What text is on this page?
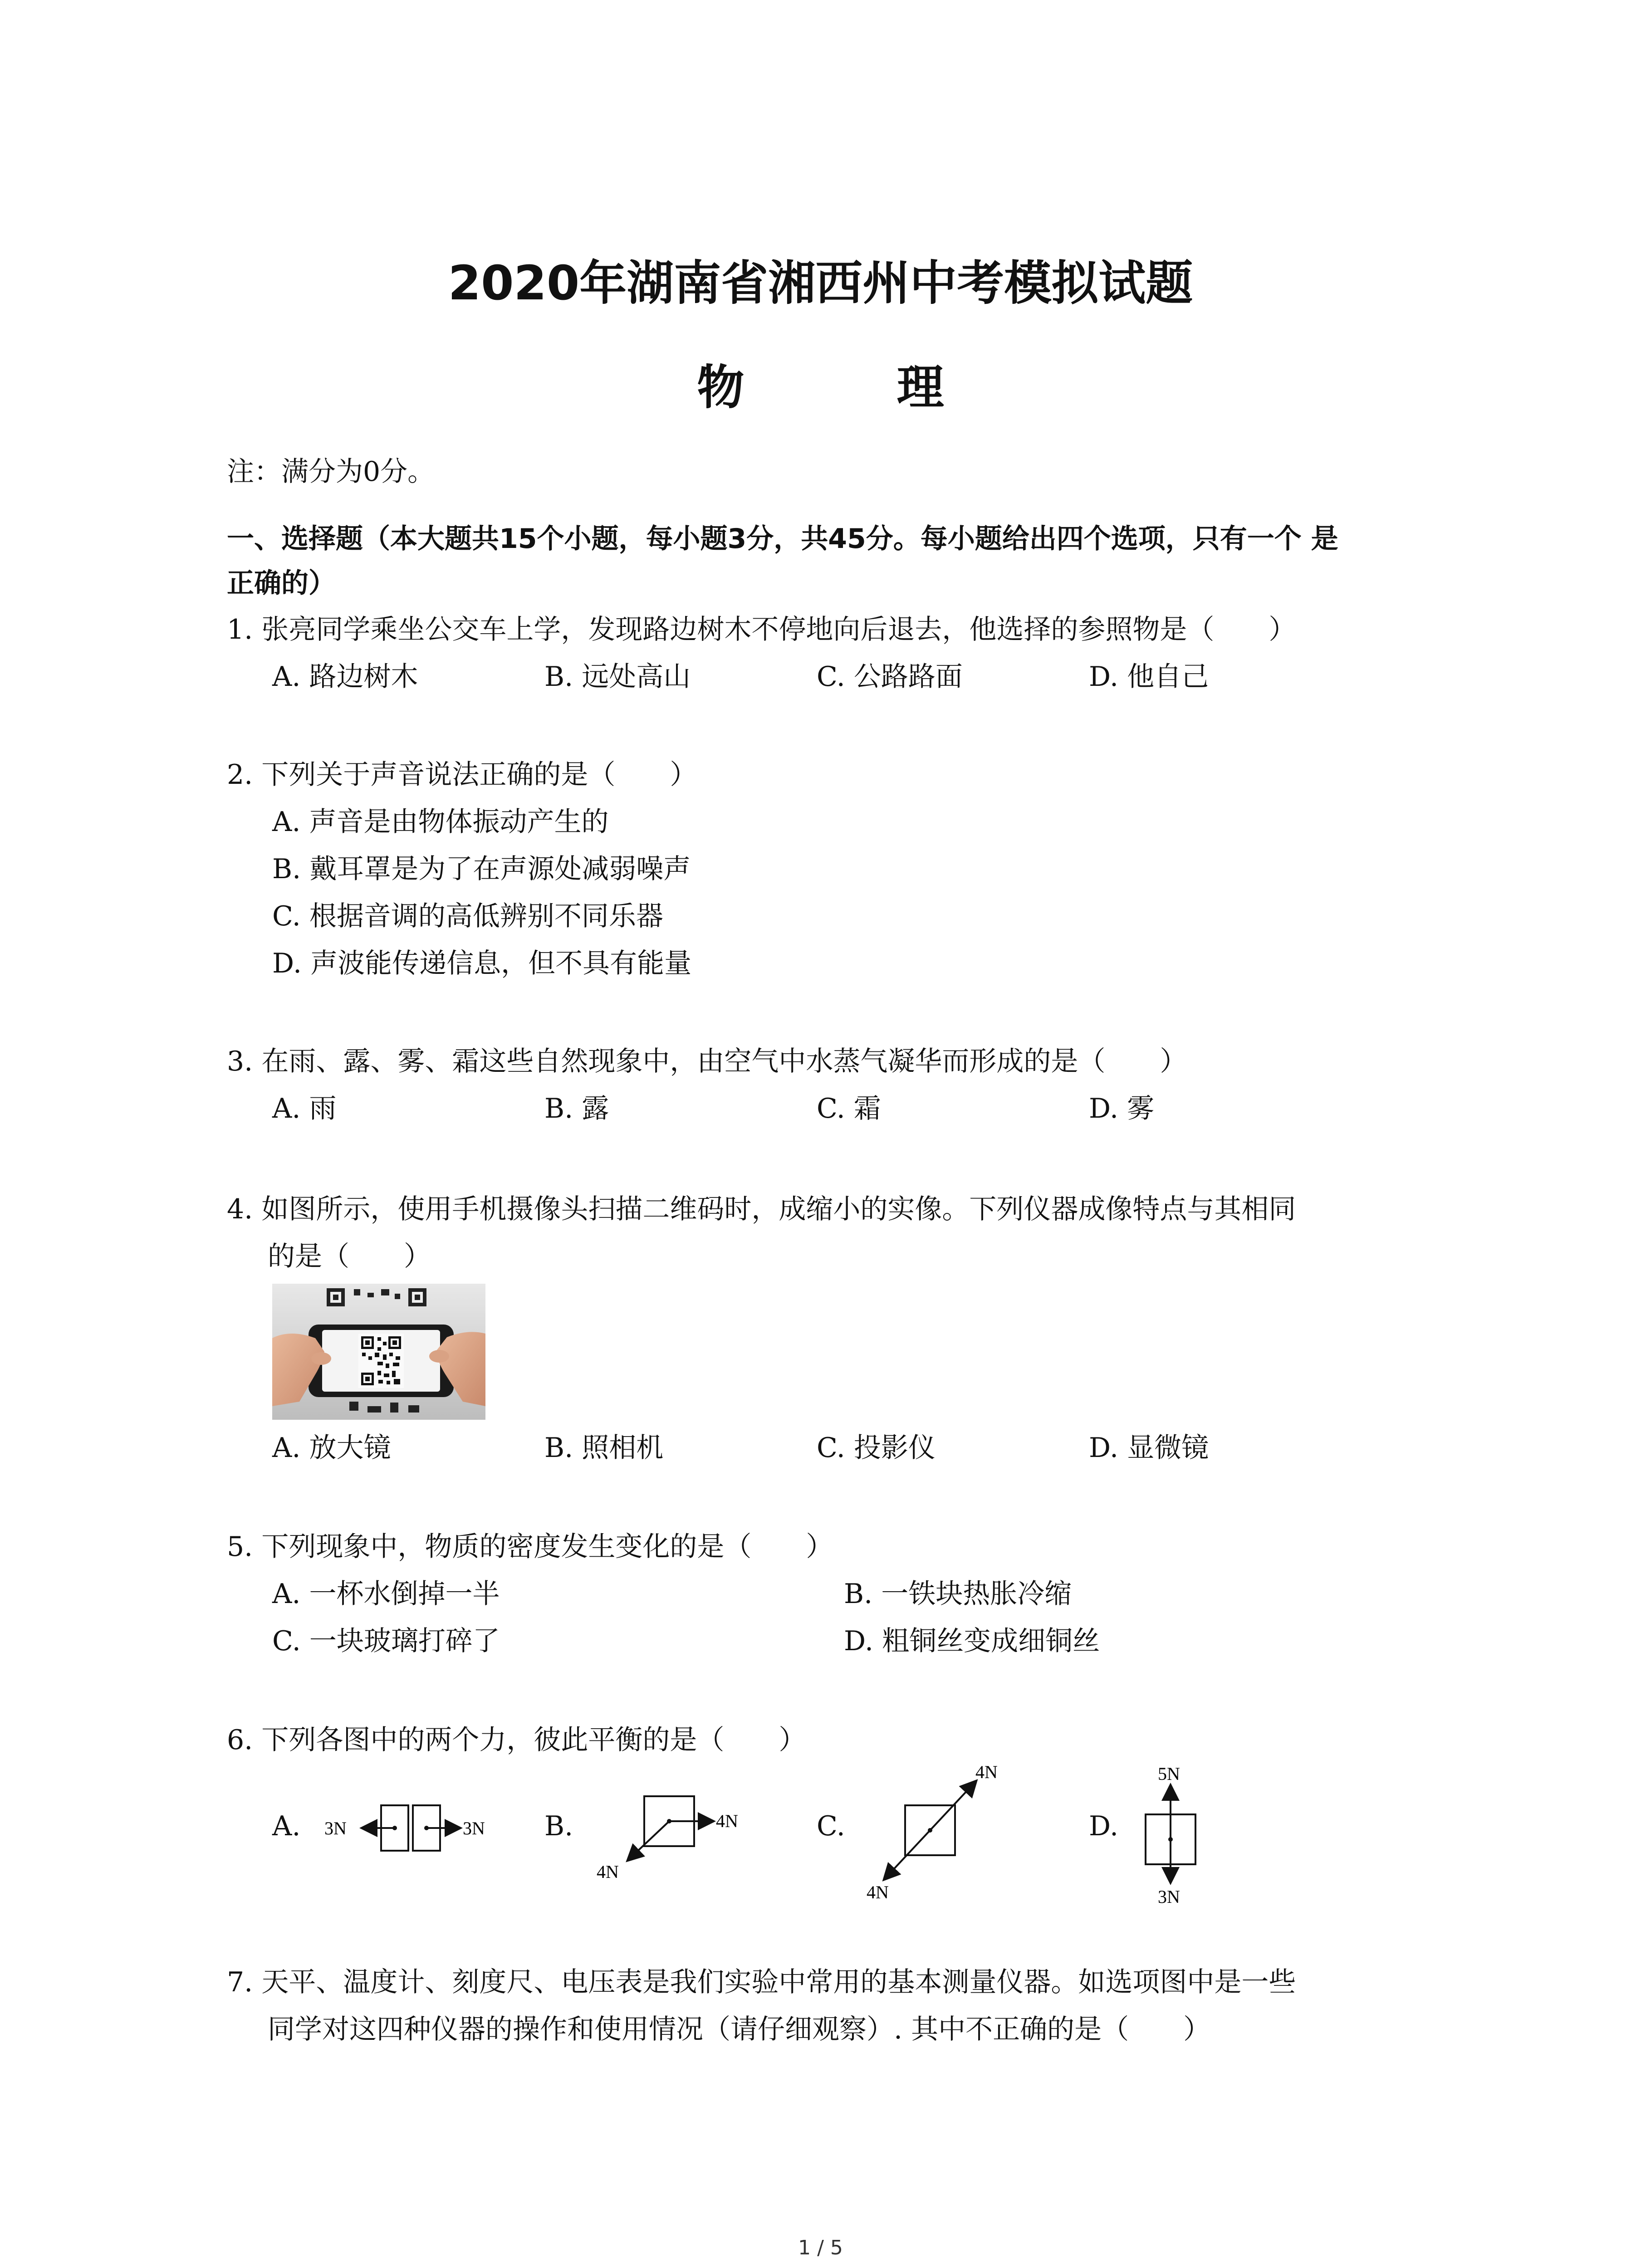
2020年湖南省湘西州中考模拟试题
物 理
注：满分为0分。
一、选择题（本大题共15个小题，每小题3分，共45分。每小题给出四个选项，只有一个 是
正确的）
1. 张亮同学乘坐公交车上学，发现路边树木不停地向后退去，他选择的参照物是（　　）
A. 路边树木	B. 远处高山	C. 公路路面	D. 他自己
2. 下列关于声音说法正确的是（　　）
A. 声音是由物体振动产生的
B. 戴耳罩是为了在声源处减弱噪声
C. 根据音调的高低辨别不同乐器
D. 声波能传递信息，但不具有能量
3. 在雨、露、雾、霜这些自然现象中，由空气中水蒸气凝华而形成的是（　　）
A. 雨	B. 露	C. 霜	D. 雾
4. 如图所示，使用手机摄像头扫描二维码时，成缩小的实像。下列仪器成像特点与其相同
的是（　　）
A. 放大镜	B. 照相机	C. 投影仪	D. 显微镜
5. 下列现象中，物质的密度发生变化的是（　　）
A. 一杯水倒掉一半	B. 一铁块热胀冷缩
C. 一块玻璃打碎了	D. 粗铜丝变成细铜丝
6. 下列各图中的两个力，彼此平衡的是（　　）
A. 3N	3N B.	4N
4N
C.
4N
4N
D.
5N
3N
7. 天平、温度计、刻度尺、电压表是我们实验中常用的基本测量仪器。如选项图中是一些
同学对这四种仪器的操作和使用情况（请仔细观察）. 其中不正确的是（　　）
1 / 5
